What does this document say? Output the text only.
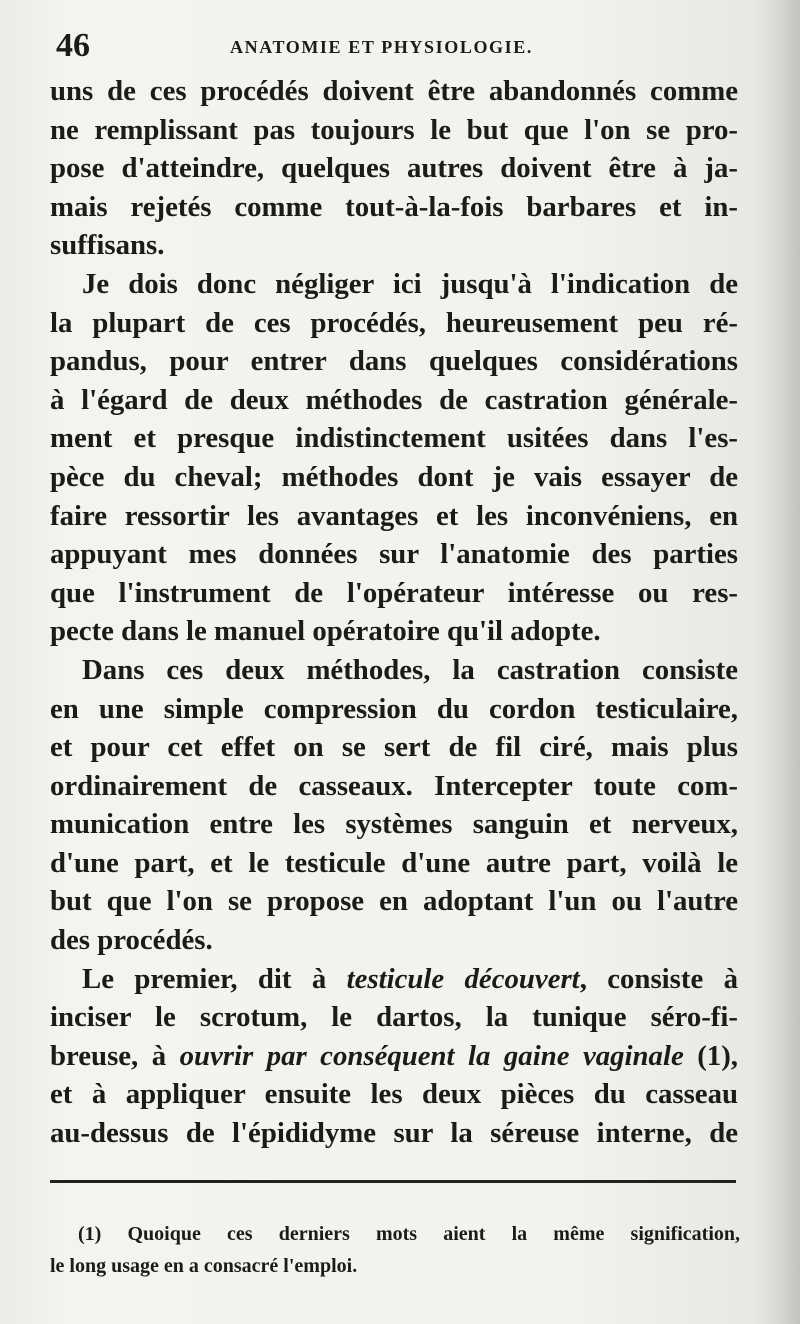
46	ANATOMIE ET PHYSIOLOGIE.
uns de ces procédés doivent être abandonnés comme
ne remplissant pas toujours le but que l'on se pro-
pose d'atteindre, quelques autres doivent être à ja-
mais rejetés comme tout-à-la-fois barbares et in-
suffisans.
Je dois donc négliger ici jusqu'à l'indication de
la plupart de ces procédés, heureusement peu ré-
pandus, pour entrer dans quelques considérations
à l'égard de deux méthodes de castration générale-
ment et presque indistinctement usitées dans l'es-
pèce du cheval; méthodes dont je vais essayer de
faire ressortir les avantages et les inconvéniens, en
appuyant mes données sur l'anatomie des parties
que l'instrument de l'opérateur intéresse ou res-
pecte dans le manuel opératoire qu'il adopte.
Dans ces deux méthodes, la castration consiste
en une simple compression du cordon testiculaire,
et pour cet effet on se sert de fil ciré, mais plus
ordinairement de casseaux. Intercepter toute com-
munication entre les systèmes sanguin et nerveux,
d'une part, et le testicule d'une autre part, voilà le
but que l'on se propose en adoptant l'un ou l'autre
des procédés.
Le premier, dit à testicule découvert, consiste à
inciser le scrotum, le dartos, la tunique séro-fi-
breuse, à ouvrir par conséquent la gaine vaginale (1),
et à appliquer ensuite les deux pièces du casseau
au-dessus de l'épididyme sur la séreuse interne, de
(1) Quoique ces derniers mots aient la même signification,
le long usage en a consacré l'emploi.
